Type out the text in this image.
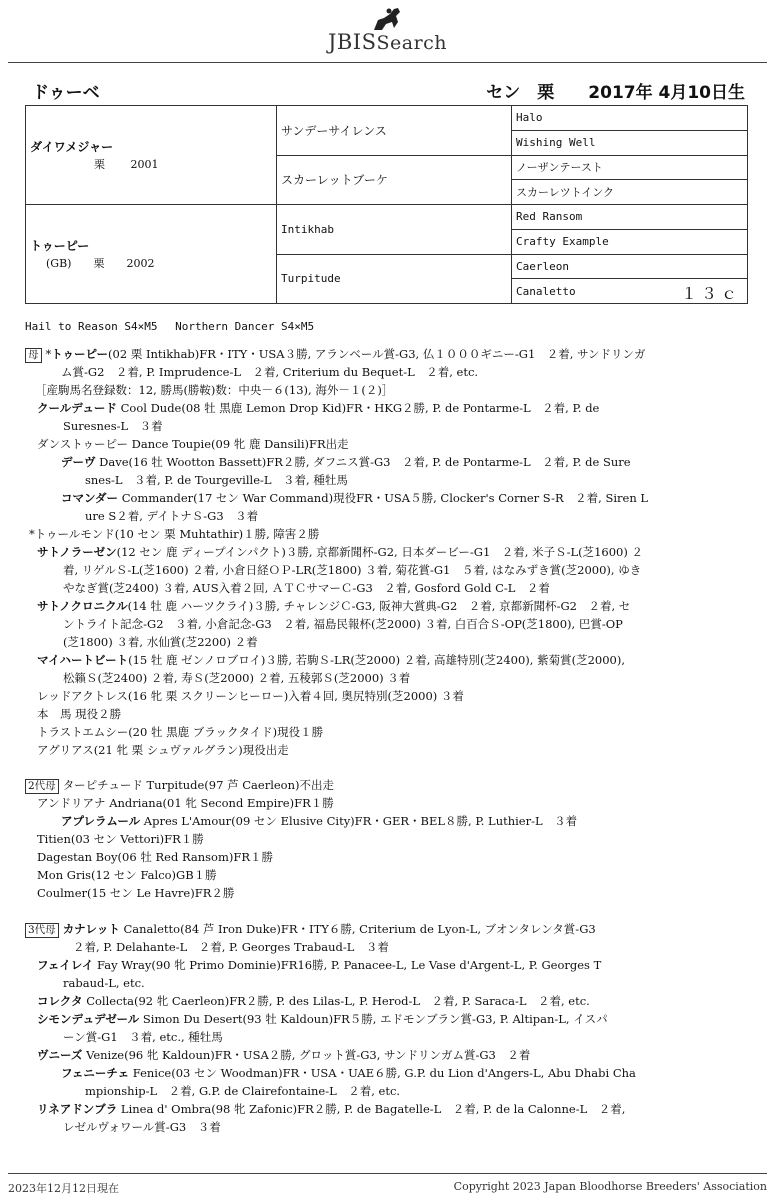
JBISSearch
ドゥーベ	セン　栗　　2017年 4月10日生
ダイワメジャー
栗　　 2001	サンデーサイレンス	Halo
		Wishing Well
	スカーレットブーケ	ノーザンテースト
		スカーレツトインク

トゥーピー
(GB)　　栗　　2002	Intikhab	Red Ransom
		Crafty Example
	Turpitude	Caerleon
		Canaletto １３ｃ
Hail to Reason S4×M5　 Northern Dancer S4×M5
母 *トゥーピー(02 栗 Intikhab)FR・ITY・USA３勝, アランベール賞-G3, 仏１０００ギニー-G1　２着, サンドリンガ
ム賞-G2　２着, P. Imprudence-L　２着, Criterium du Bequet-L　２着, etc.
［産駒馬名登録数：12, 勝馬(勝鞍)数：中央－６(13), 海外－１(２)］
クールデュード Cool Dude(08 牡 黒鹿 Lemon Drop Kid)FR・HKG２勝, P. de Pontarme-L　２着, P. de
Suresnes-L　３着
ダンストゥーピー Dance Toupie(09 牝 鹿 Dansili)FR出走
デーヴ Dave(16 牡 Wootton Bassett)FR２勝, ダフニス賞-G3　２着, P. de Pontarme-L　２着, P. de Sure
snes-L　３着, P. de Tourgeville-L　３着, 種牡馬
コマンダー Commander(17 セン War Command)現役FR・USA５勝, Clocker's Corner S-R　２着, Siren L
ure S２着, デイトナＳ-G3　３着
*トゥールモンド(10 セン 栗 Muhtathir)１勝, 障害２勝
サトノラーゼン(12 セン 鹿 ディープインパクト)３勝, 京都新聞杯-G2, 日本ダービー-G1　２着, 米子Ｓ-L(芝1600) ２
着, リゲルＳ-L(芝1600) ２着, 小倉日経ＯＰ-LR(芝1800) ３着, 菊花賞-G1　５着, はなみずき賞(芝2000), ゆき
やなぎ賞(芝2400) ３着, AUS入着２回, ＡＴＣサマーＣ-G3　２着, Gosford Gold C-L　２着
サトノクロニクル(14 牡 鹿 ハーツクライ)３勝, チャレンジＣ-G3, 阪神大賞典-G2　２着, 京都新聞杯-G2　２着, セ
ントライト記念-G2　３着, 小倉記念-G3　２着, 福島民報杯(芝2000) ３着, 白百合Ｓ-OP(芝1800), 巴賞-OP
(芝1800) ３着, 水仙賞(芝2200) ２着
マイハートビート(15 牡 鹿 ゼンノロブロイ)３勝, 若駒Ｓ-LR(芝2000) ２着, 高雄特別(芝2400), 紫菊賞(芝2000),
松籟Ｓ(芝2400) ２着, 寿Ｓ(芝2000) ２着, 五稜郭Ｓ(芝2000) ３着
レッドアクトレス(16 牝 栗 スクリーンヒーロー)入着４回, 奥尻特別(芝2000) ３着
本　馬 現役２勝
トラストエムシー(20 牡 黒鹿 ブラックタイド)現役１勝
アグリアス(21 牝 栗 シュヴァルグラン)現役出走
2代母 ターピチュード Turpitude(97 芦 Caerleon)不出走
アンドリアナ Andriana(01 牝 Second Empire)FR１勝
アプレラムール Apres L'Amour(09 セン Elusive City)FR・GER・BEL８勝, P. Luthier-L　３着
Titien(03 セン Vettori)FR１勝
Dagestan Boy(06 牡 Red Ransom)FR１勝
Mon Gris(12 セン Falco)GB１勝
Coulmer(15 セン Le Havre)FR２勝
3代母 カナレット Canaletto(84 芦 Iron Duke)FR・ITY６勝, Criterium de Lyon-L, ブオンタレンタ賞-G3
２着, P. Delahante-L　２着, P. Georges Trabaud-L　３着
フェイレイ Fay Wray(90 牝 Primo Dominie)FR16勝, P. Panacee-L, Le Vase d'Argent-L, P. Georges T
rabaud-L, etc.
コレクタ Collecta(92 牝 Caerleon)FR２勝, P. des Lilas-L, P. Herod-L　２着, P. Saraca-L　２着, etc.
シモンデュデゼール Simon Du Desert(93 牡 Kaldoun)FR５勝, エドモンブラン賞-G3, P. Altipan-L, イスパ
ーン賞-G1　３着, etc., 種牡馬
ヴニーズ Venize(96 牝 Kaldoun)FR・USA２勝, グロット賞-G3, サンドリンガム賞-G3　２着
フェニーチェ Fenice(03 セン Woodman)FR・USA・UAE６勝, G.P. du Lion d'Angers-L, Abu Dhabi Cha
mpionship-L　２着, G.P. de Clairefontaine-L　２着, etc.
リネアドンブラ Linea d' Ombra(98 牝 Zafonic)FR２勝, P. de Bagatelle-L　２着, P. de la Calonne-L　２着,
レゼルヴォワール賞-G3　３着
2023年12月12日現在	Copyright 2023 Japan Bloodhorse Breeders' Association
